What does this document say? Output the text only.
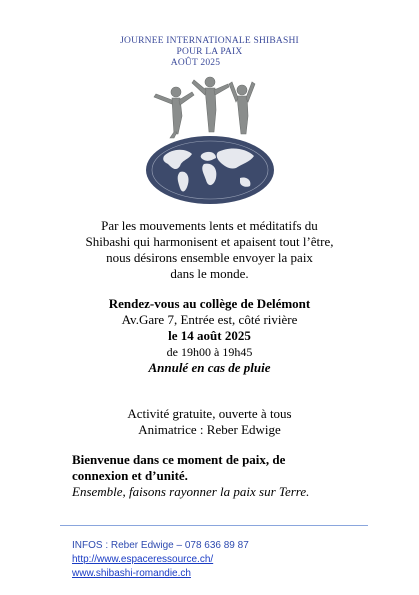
JOURNEE INTERNATIONALE SHIBASHI
POUR LA PAIX
AOÛT 2025
Par les mouvements lents et méditatifs du
Shibashi qui harmonisent et apaisent tout l’être,
nous désirons ensemble envoyer la paix
dans le monde.
Rendez-vous au collège de Delémont
Av.Gare 7, Entrée est, côté rivière
le 14 août 2025
de 19h00 à 19h45
Annulé en cas de pluie
Activité gratuite, ouverte à tous
Animatrice : Reber Edwige
Bienvenue dans ce moment de paix, de
connexion et d’unité.
Ensemble, faisons rayonner la paix sur Terre.
INFOS : Reber Edwige – 078 636 89 87
http://www.espaceressource.ch/
www.shibashi-romandie.ch
